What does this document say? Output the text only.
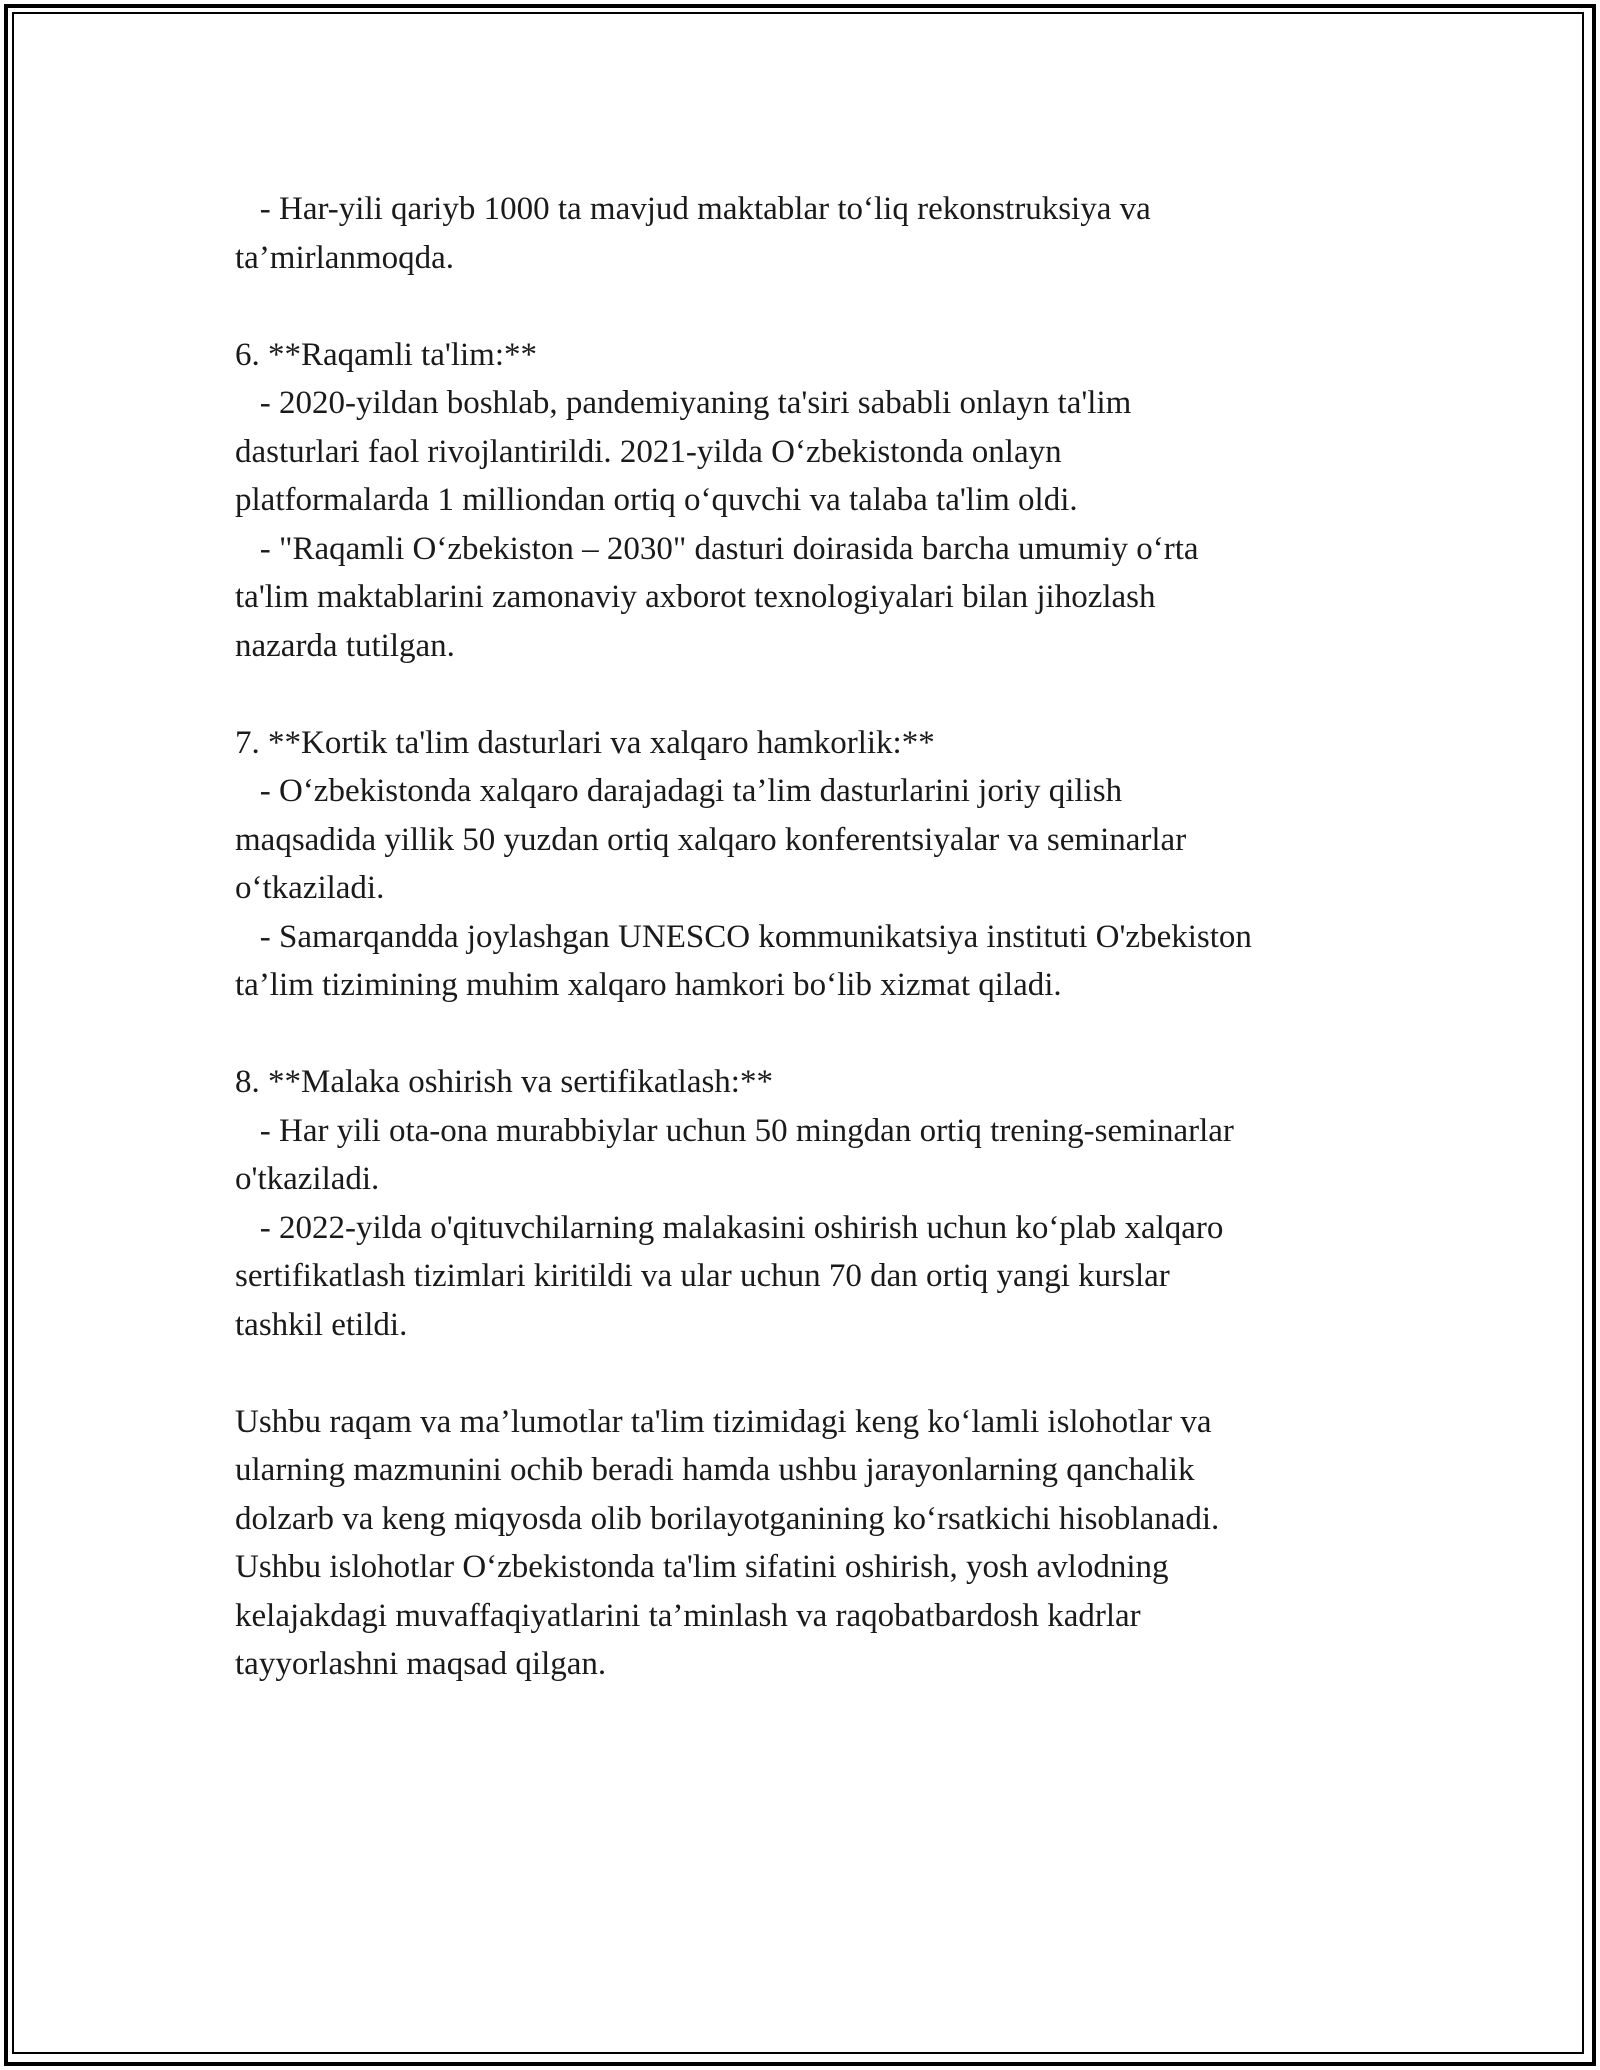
- Har-yili qariyb 1000 ta mavjud maktablar to‘liq rekonstruksiya va
ta’mirlanmoqda.
6. **Raqamli ta'lim:**
- 2020-yildan boshlab, pandemiyaning ta'siri sababli onlayn ta'lim
dasturlari faol rivojlantirildi. 2021-yilda O‘zbekistonda onlayn
platformalarda 1 milliondan ortiq o‘quvchi va talaba ta'lim oldi.
- "Raqamli O‘zbekiston – 2030" dasturi doirasida barcha umumiy o‘rta
ta'lim maktablarini zamonaviy axborot texnologiyalari bilan jihozlash
nazarda tutilgan.
7. **Kortik ta'lim dasturlari va xalqaro hamkorlik:**
- O‘zbekistonda xalqaro darajadagi ta’lim dasturlarini joriy qilish
maqsadida yillik 50 yuzdan ortiq xalqaro konferentsiyalar va seminarlar
o‘tkaziladi.
- Samarqandda joylashgan UNESCO kommunikatsiya instituti O'zbekiston
ta’lim tizimining muhim xalqaro hamkori bo‘lib xizmat qiladi.
8. **Malaka oshirish va sertifikatlash:**
- Har yili ota-ona murabbiylar uchun 50 mingdan ortiq trening-seminarlar
o'tkaziladi.
- 2022-yilda o'qituvchilarning malakasini oshirish uchun ko‘plab xalqaro
sertifikatlash tizimlari kiritildi va ular uchun 70 dan ortiq yangi kurslar
tashkil etildi.
Ushbu raqam va ma’lumotlar ta'lim tizimidagi keng ko‘lamli islohotlar va
ularning mazmunini ochib beradi hamda ushbu jarayonlarning qanchalik
dolzarb va keng miqyosda olib borilayotganining ko‘rsatkichi hisoblanadi.
Ushbu islohotlar O‘zbekistonda ta'lim sifatini oshirish, yosh avlodning
kelajakdagi muvaffaqiyatlarini ta’minlash va raqobatbardosh kadrlar
tayyorlashni maqsad qilgan.
